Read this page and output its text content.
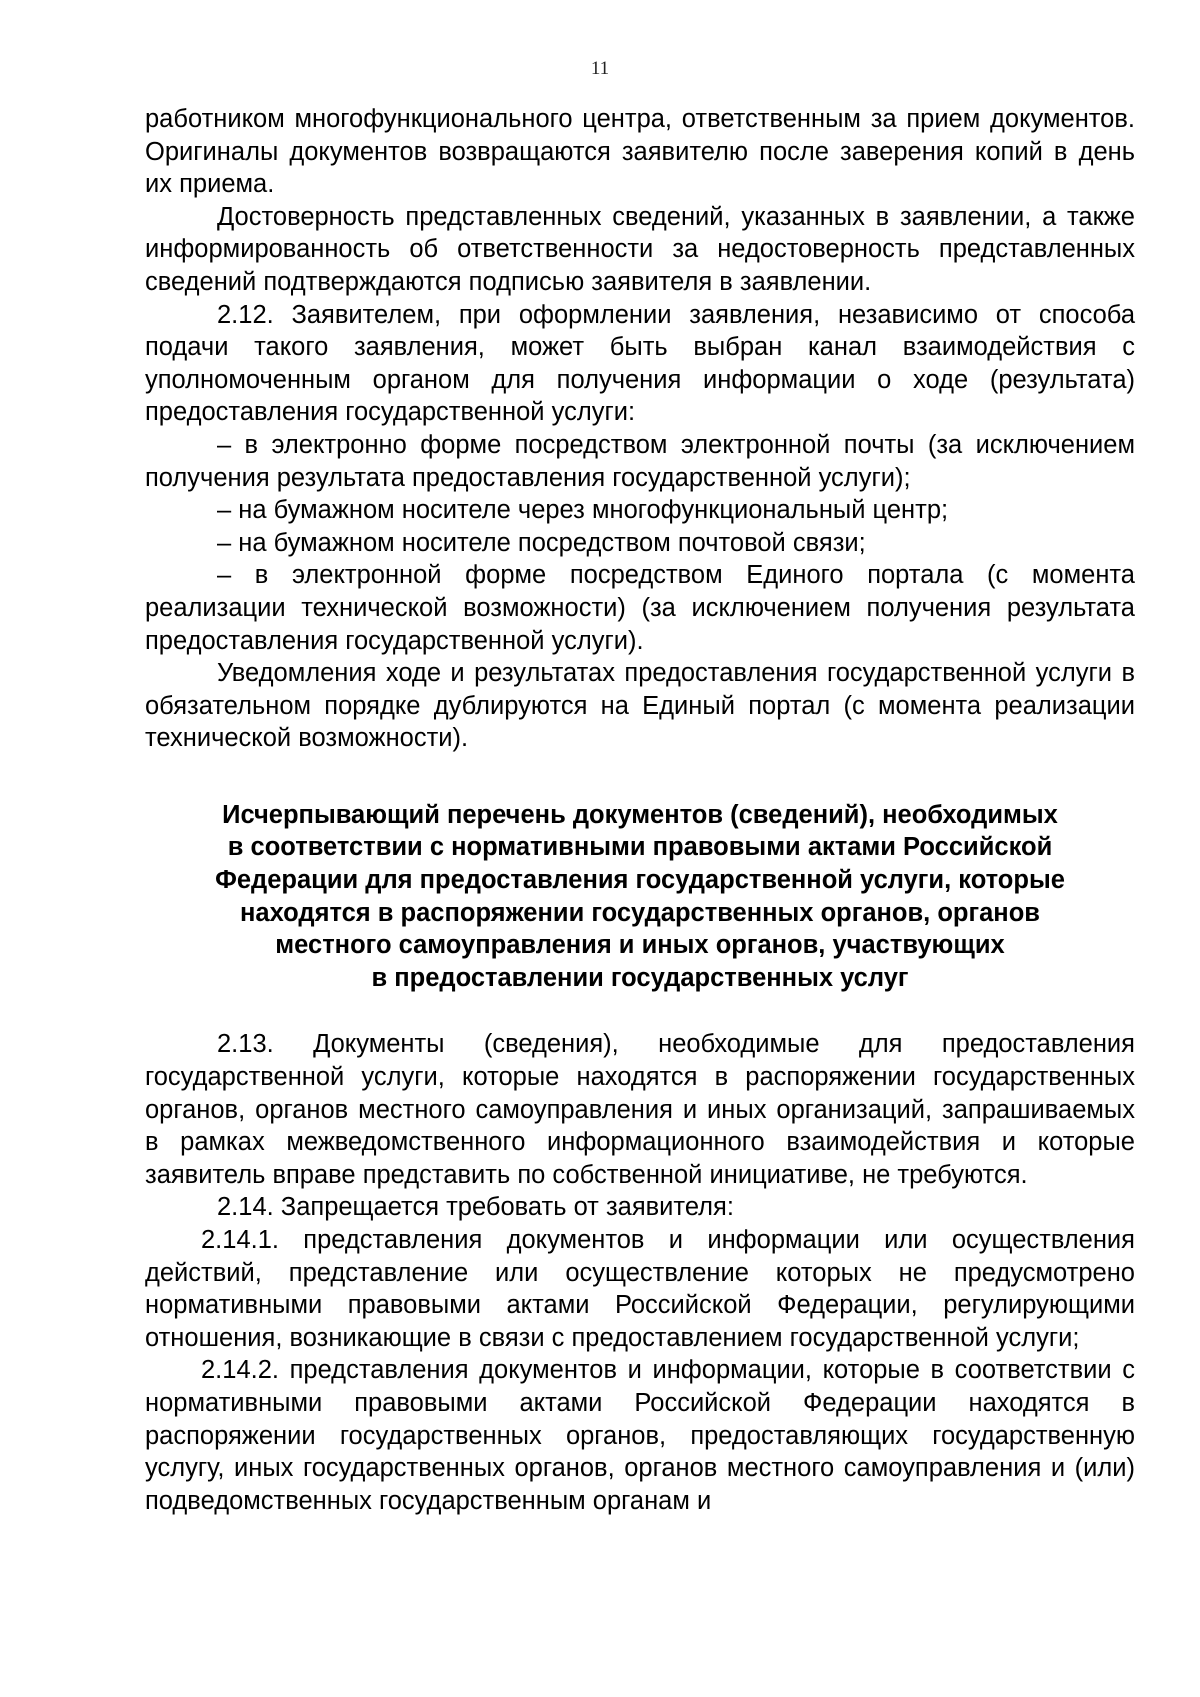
11

работником многофункционального центра, ответственным за прием документов. Оригиналы документов возвращаются заявителю после заверения копий в день их приема.

Достоверность представленных сведений, указанных в заявлении, а также информированность об ответственности за недостоверность представленных сведений подтверждаются подписью заявителя в заявлении.

2.12. Заявителем, при оформлении заявления, независимо от способа подачи такого заявления, может быть выбран канал взаимодействия с уполномоченным органом для получения информации о ходе (результата) предоставления государственной услуги:

– в электронно форме посредством электронной почты (за исключением получения результата предоставления государственной услуги);

– на бумажном носителе через многофункциональный центр;

– на бумажном носителе посредством почтовой связи;

– в электронной форме посредством Единого портала (с момента реализации технической возможности) (за исключением получения результата предоставления государственной услуги).

Уведомления ходе и результатах предоставления государственной услуги в обязательном порядке дублируются на Единый портал (с момента реализации технической возможности).

Исчерпывающий перечень документов (сведений), необходимых
в соответствии с нормативными правовыми актами Российской
Федерации для предоставления государственной услуги, которые
находятся в распоряжении государственных органов, органов
местного самоуправления и иных органов, участвующих
в предоставлении государственных услуг

2.13. Документы (сведения), необходимые для предоставления государственной услуги, которые находятся в распоряжении государственных органов, органов местного самоуправления и иных организаций, запрашиваемых в рамках межведомственного информационного взаимодействия и которые заявитель вправе представить по собственной инициативе, не требуются.

2.14. Запрещается требовать от заявителя:

2.14.1. представления документов и информации или осуществления действий, представление или осуществление которых не предусмотрено нормативными правовыми актами Российской Федерации, регулирующими отношения, возникающие в связи с предоставлением государственной услуги;

2.14.2. представления документов и информации, которые в соответствии с нормативными правовыми актами Российской Федерации находятся в распоряжении государственных органов, предоставляющих государственную услугу, иных государственных органов, органов местного самоуправления и (или) подведомственных государственным органам и
